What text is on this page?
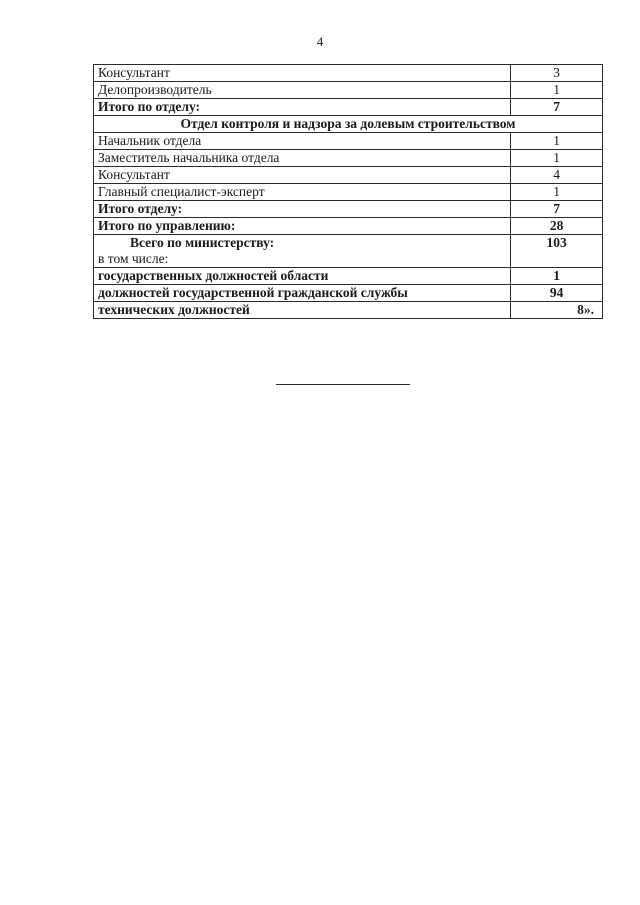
4
Консультант	3
Делопроизводитель	1
Итого по отделу:	7
Отдел контроля и надзора за долевым строительством	
Начальник отдела	1
Заместитель начальника отдела	1
Консультант	4
Главный специалист-эксперт	1
Итого отделу:	7
Итого по управлению:	28

Всего по министерству:
в том числе:	103
государственных должностей области	1
должностей государственной гражданской службы	94
технических должностей	8».
